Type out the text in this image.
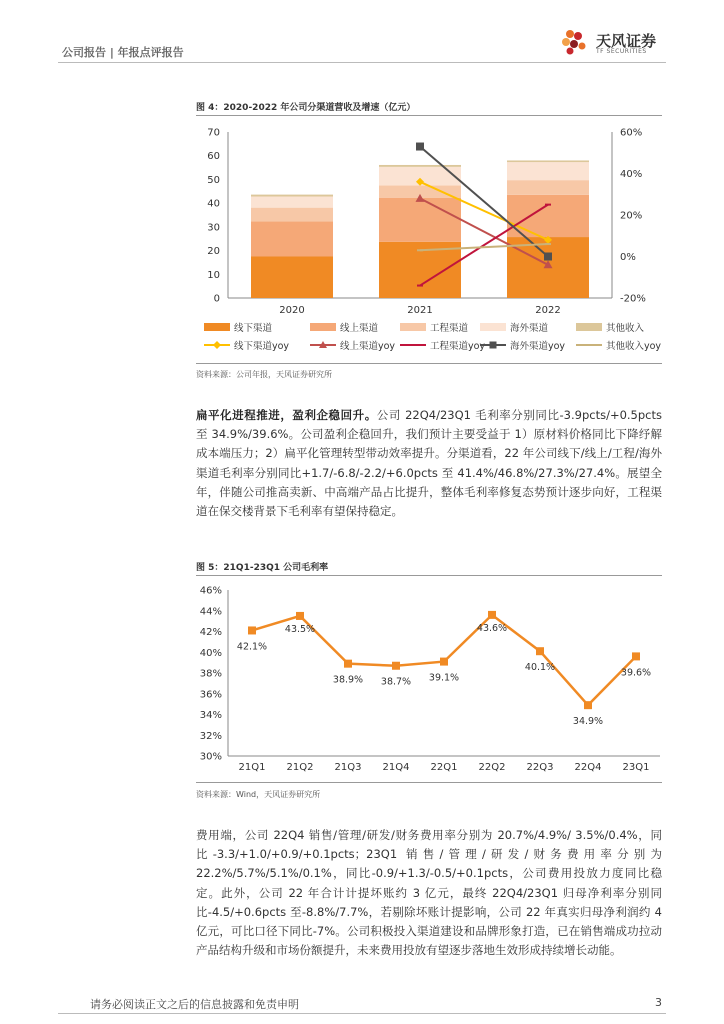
公司报告 | 年报点评报告
天风证券
TF SECURITIES
图 4：2020-2022 年公司分渠道营收及增速（亿元）
0
10
20
30
40
50
60
70
-20%
0%
20%
40%
60%
2020	2021	2022
线下渠道	线上渠道	工程渠道	海外渠道	其他收入
线下渠道yoy	线上渠道yoy	工程渠道yoy	海外渠道yoy	其他收入yoy
资料来源：公司年报，天风证券研究所
扁平化进程推进，盈利企稳回升。公司 22Q4/23Q1 毛利率分别同比-3.9pcts/+0.5pcts 至 34.9%/39.6%。公司盈利企稳回升，我们预计主要受益于 1）原材料价格同比下降纾解成本端压力；2）扁平化管理转型带动效率提升。分渠道看，22 年公司线下/线上/工程/海外渠道毛利率分别同比+1.7/-6.8/-2.2/+6.0pcts 至 41.4%/46.8%/27.3%/27.4%。展望全年，伴随公司推高卖新、中高端产品占比提升，整体毛利率修复态势预计逐步向好，工程渠道在保交楼背景下毛利率有望保持稳定。
图 5：21Q1-23Q1 公司毛利率
30%
32%
34%
36%
38%
40%
42%
44%
46%
21Q1 21Q2 21Q3 21Q4 22Q1 22Q2 22Q3 22Q4 23Q1
42.1%
43.5%
38.9% 38.7% 39.1%
43.6%
40.1%
34.9%
39.6%
资料来源：Wind，天风证券研究所
费用端，公司 22Q4 销售/管理/研发/财务费用率分别为 20.7%/4.9%/ 3.5%/0.4%，同比-3.3/+1.0/+0.9/+0.1pcts；23Q1 销售/管理/研发/财务费用率分别为 22.2%/5.7%/5.1%/0.1%，同比-0.9/+1.3/-0.5/+0.1pcts，公司费用投放力度同比稳定。此外，公司 22 年合计计提坏账约 3 亿元，最终 22Q4/23Q1 归母净利率分别同比-4.5/+0.6pcts 至-8.8%/7.7%，若剔除坏账计提影响，公司 22 年真实归母净利润约 4 亿元，可比口径下同比-7%。公司积极投入渠道建设和品牌形象打造，已在销售端成功拉动产品结构升级和市场份额提升，未来费用投放有望逐步落地生效形成持续增长动能。
请务必阅读正文之后的信息披露和免责申明	3
